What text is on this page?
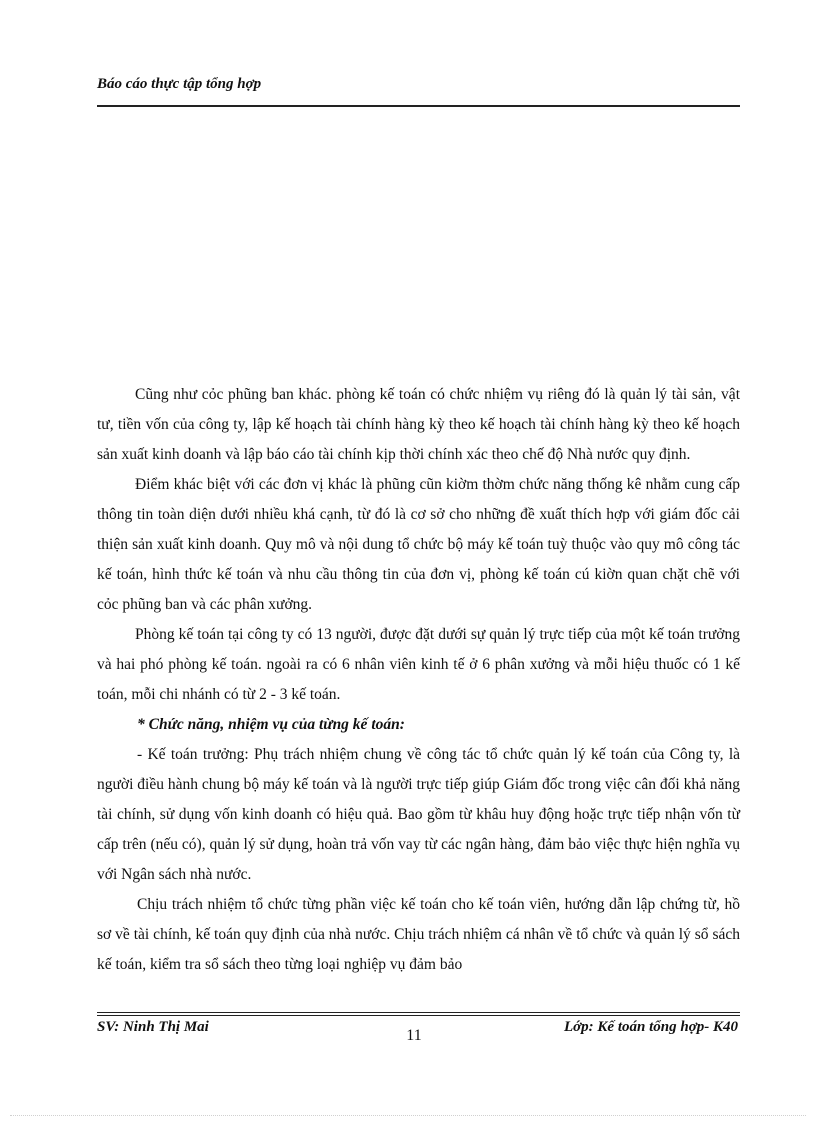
Báo cáo thực tập tổng hợp

Cũng như cỏc phũng ban khác. phòng kế toán có chức nhiệm vụ riêng đó là quản lý tài sản, vật tư, tiền vốn của công ty, lập kế hoạch tài chính hàng kỳ theo kế hoạch tài chính hàng kỳ theo kế hoạch sản xuất kinh doanh và lập báo cáo tài chính kịp thời chính xác theo chế độ Nhà nước quy định.

Điểm khác biệt với các đơn vị khác là phũng cũn kiờm thờm chức năng thống kê nhằm cung cấp thông tin toàn diện dưới nhiều khá cạnh, từ đó là cơ sở cho những đề xuất thích hợp với giám đốc cải thiện sản xuất kinh doanh. Quy mô và nội dung tổ chức bộ máy kế toán tuỳ thuộc vào quy mô công tác kế toán, hình thức kế toán và nhu cầu thông tin của đơn vị, phòng kế toán cú kiờn quan chặt chẽ với cỏc phũng ban và các phân xưởng.

Phòng kế toán tại công ty có 13 người, được đặt dưới sự quản lý trực tiếp của một kế toán trưởng và hai phó phòng kế toán. ngoài ra có 6 nhân viên kinh tế ở 6 phân xưởng và mỗi hiệu thuốc có 1 kế toán, mỗi chi nhánh có từ 2 - 3 kế toán.

* Chức năng, nhiệm vụ của từng kế toán:

- Kế toán trưởng: Phụ trách nhiệm chung về công tác tổ chức quản lý kế toán của Công ty, là người điều hành chung bộ máy kế toán và là người trực tiếp giúp Giám đốc trong việc cân đối khả năng tài chính, sử dụng vốn kinh doanh có hiệu quả. Bao gồm từ khâu huy động hoặc trực tiếp nhận vốn từ cấp trên (nếu có), quản lý sử dụng, hoàn trả vốn vay từ các ngân hàng, đảm bảo việc thực hiện nghĩa vụ với Ngân sách nhà nước.

Chịu trách nhiệm tổ chức từng phần việc kế toán cho kế toán viên, hướng dẫn lập chứng từ, hồ sơ về tài chính, kế toán quy định của nhà nước. Chịu trách nhiệm cá nhân về tổ chức và quản lý sổ sách kế toán, kiểm tra sổ sách theo từng loại nghiệp vụ đảm bảo

SV: Ninh Thị Mai	11	Lớp: Kế toán tổng hợp- K40
